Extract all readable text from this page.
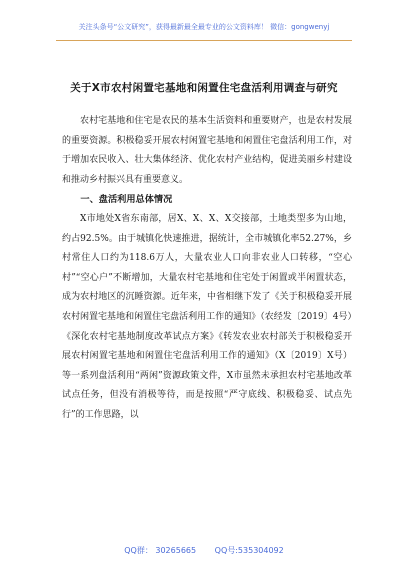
关注头条号“公文研究”，获得最新最全最专业的公文资料库！ 微信：gongwenyj
关于X市农村闲置宅基地和闲置住宅盘活利用调查与研究

农村宅基地和住宅是农民的基本生活资料和重要财产，也是农村发展的重要资源。积极稳妥开展农村闲置宅基地和闲置住宅盘活利用工作，对于增加农民收入、壮大集体经济、优化农村产业结构，促进美丽乡村建设和推动乡村振兴具有重要意义。

一、盘活利用总体情况

X市地处X省东南部，居X、X、X、X交接部，土地类型多为山地，约占92.5%。由于城镇化快速推进，据统计，全市城镇化率52.27%，乡村常住人口约为118.6万人，大量农业人口向非农业人口转移，“空心村”“空心户”不断增加，大量农村宅基地和住宅处于闲置或半闲置状态，成为农村地区的沉睡资源。近年来，中省相继下发了《关于积极稳妥开展农村闲置宅基地和闲置住宅盘活利用工作的通知》（农经发〔2019〕4号）《深化农村宅基地制度改革试点方案》《转发农业农村部关于积极稳妥开展农村闲置宅基地和闲置住宅盘活利用工作的通知》（X〔2019〕X号）等一系列盘活利用“两闲”资源政策文件，X市虽然未承担农村宅基地改革试点任务，但没有消极等待，而是按照“严守底线、积极稳妥、试点先行”的工作思路，以

QQ群： 30265665 QQ号:535304092
